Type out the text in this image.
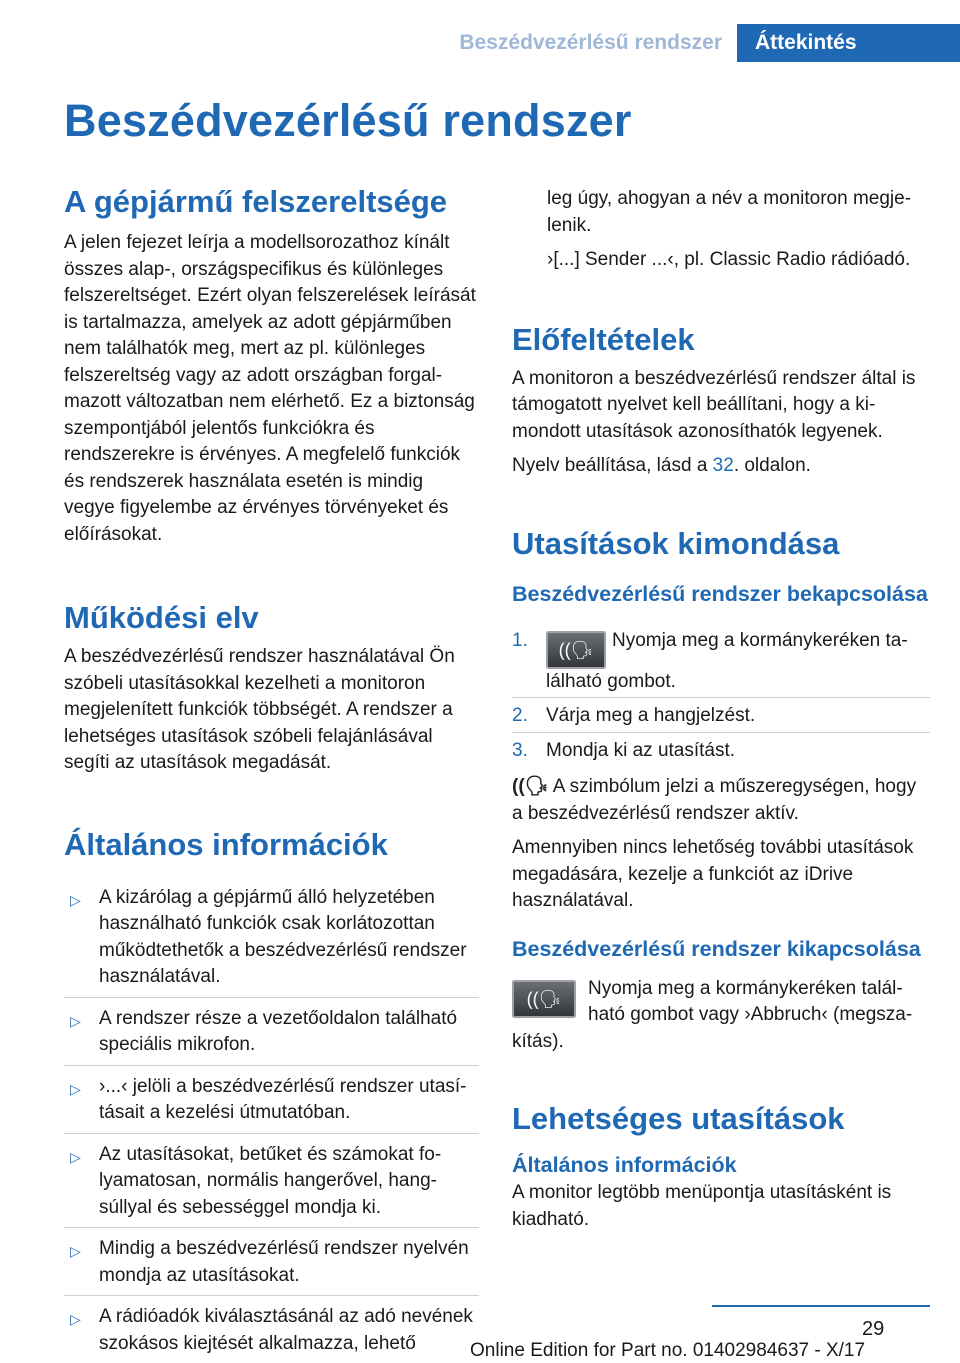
Beszédvezérlésű rendszer	Áttekintés
Beszédvezérlésű rendszer
A gépjármű felszereltsége

A jelen fejezet leírja a modellsorozathoz kínált összes alap-, országspecifikus és különleges felszereltséget. Ezért olyan felszerelések leírását is tartalmazza, amelyek az adott gépjárműben nem találhatók meg, mert az pl. különleges felszereltség vagy az adott országban forgalmazott változatban nem elérhető. Ez a biztonság szempontjából jelentős funkciókra és rendszerekre is érvényes. A megfelelő funkciók és rendszerek használata esetén is mindig vegye figyelembe az érvényes törvényeket és előírásokat.

Működési elv

A beszédvezérlésű rendszer használatával Ön szóbeli utasításokkal kezelheti a monitoron megjelenített funkciók többségét. A rendszer a lehetséges utasítások szóbeli felajánlásával segíti az utasítások megadását.

Általános információk
▷ A kizárólag a gépjármű álló helyzetében használható funkciók csak korlátozottan működtethetők a beszédvezérlésű rendszer használatával.
▷ A rendszer része a vezetőoldalon található speciális mikrofon.
▷ ›...‹ jelöli a beszédvezérlésű rendszer utasításait a kezelési útmutatóban.
▷ Az utasításokat, betűket és számokat folyamatosan, normális hangerővel, hangsúllyal és sebességgel mondja ki.
▷ Mindig a beszédvezérlésű rendszer nyelvén mondja az utasításokat.
▷ A rádióadók kiválasztásánál az adó nevének szokásos kiejtését alkalmazza, lehető

leg úgy, ahogyan a név a monitoron megjelenik.

›[...] Sender ...‹, pl. Classic Radio rádióadó.

Előfeltételek

A monitoron a beszédvezérlésű rendszer által is támogatott nyelvet kell beállítani, hogy a kimondott utasítások azonosíthatók legyenek.

Nyelv beállítása, lásd a 32. oldalon.

Utasítások kimondása
Beszédvezérlésű rendszer bekapcsolása
1. ((🗣 Nyomja meg a kormánykeréken található gombot.
2. Várja meg a hangjelzést.
3. Mondja ki az utasítást.

((🗣 A szimbólum jelzi a műszeregységen, hogy a beszédvezérlésű rendszer aktív.

Amennyiben nincs lehetőség további utasítások megadására, kezelje a funkciót az iDrive használatával.

Beszédvezérlésű rendszer kikapcsolása
((🗣	Nyomja meg a kormánykeréken található gombot vagy ›Abbruch‹ (megszakítás).

Lehetséges utasítások
Általános információk

A monitor legtöbb menüpontja utasításként is kiadható.

29
Online Edition for Part no. 01402984637 - X/17
